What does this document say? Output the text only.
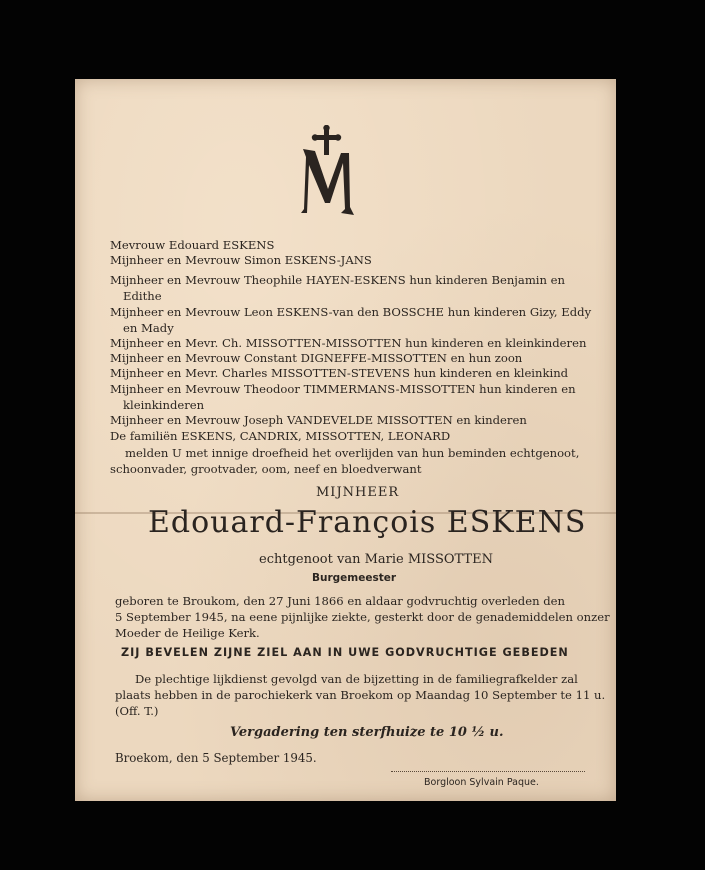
Mevrouw Edouard ESKENS
Mijnheer en Mevrouw Simon ESKENS-JANS
Mijnheer en Mevrouw Theophile HAYEN-ESKENS hun kinderen Benjamin en
Edithe
Mijnheer en Mevrouw Leon ESKENS-van den BOSSCHE hun kinderen Gizy, Eddy
en Mady
Mijnheer en Mevr. Ch. MISSOTTEN-MISSOTTEN hun kinderen en kleinkinderen
Mijnheer en Mevrouw Constant DIGNEFFE-MISSOTTEN en hun zoon
Mijnheer en Mevr. Charles MISSOTTEN-STEVENS hun kinderen en kleinkind
Mijnheer en Mevrouw Theodoor TIMMERMANS-MISSOTTEN hun kinderen en
kleinkinderen
Mijnheer en Mevrouw Joseph VANDEVELDE MISSOTTEN en kinderen
De familiën ESKENS, CANDRIX, MISSOTTEN, LEONARD
melden U met innige droefheid het overlijden van hun beminden echtgenoot,
schoonvader, grootvader, oom, neef en bloedverwant
MIJNHEER
Edouard-François ESKENS
echtgenoot van Marie MISSOTTEN
Burgemeester
geboren te Broukom, den 27 Juni 1866 en aldaar godvruchtig overleden den
5 September 1945, na eene pijnlijke ziekte, gesterkt door de genademiddelen onzer
Moeder de Heilige Kerk.
ZIJ BEVELEN ZIJNE ZIEL AAN IN UWE GODVRUCHTIGE GEBEDEN
De plechtige lijkdienst gevolgd van de bijzetting in de familiegrafkelder zal
plaats hebben in de parochiekerk van Broekom op Maandag 10 September te 11 u.
(Off. T.)
Vergadering ten sterfhuize te 10 ½ u.
Broekom, den 5 September 1945.
Borgloon Sylvain Paque.
